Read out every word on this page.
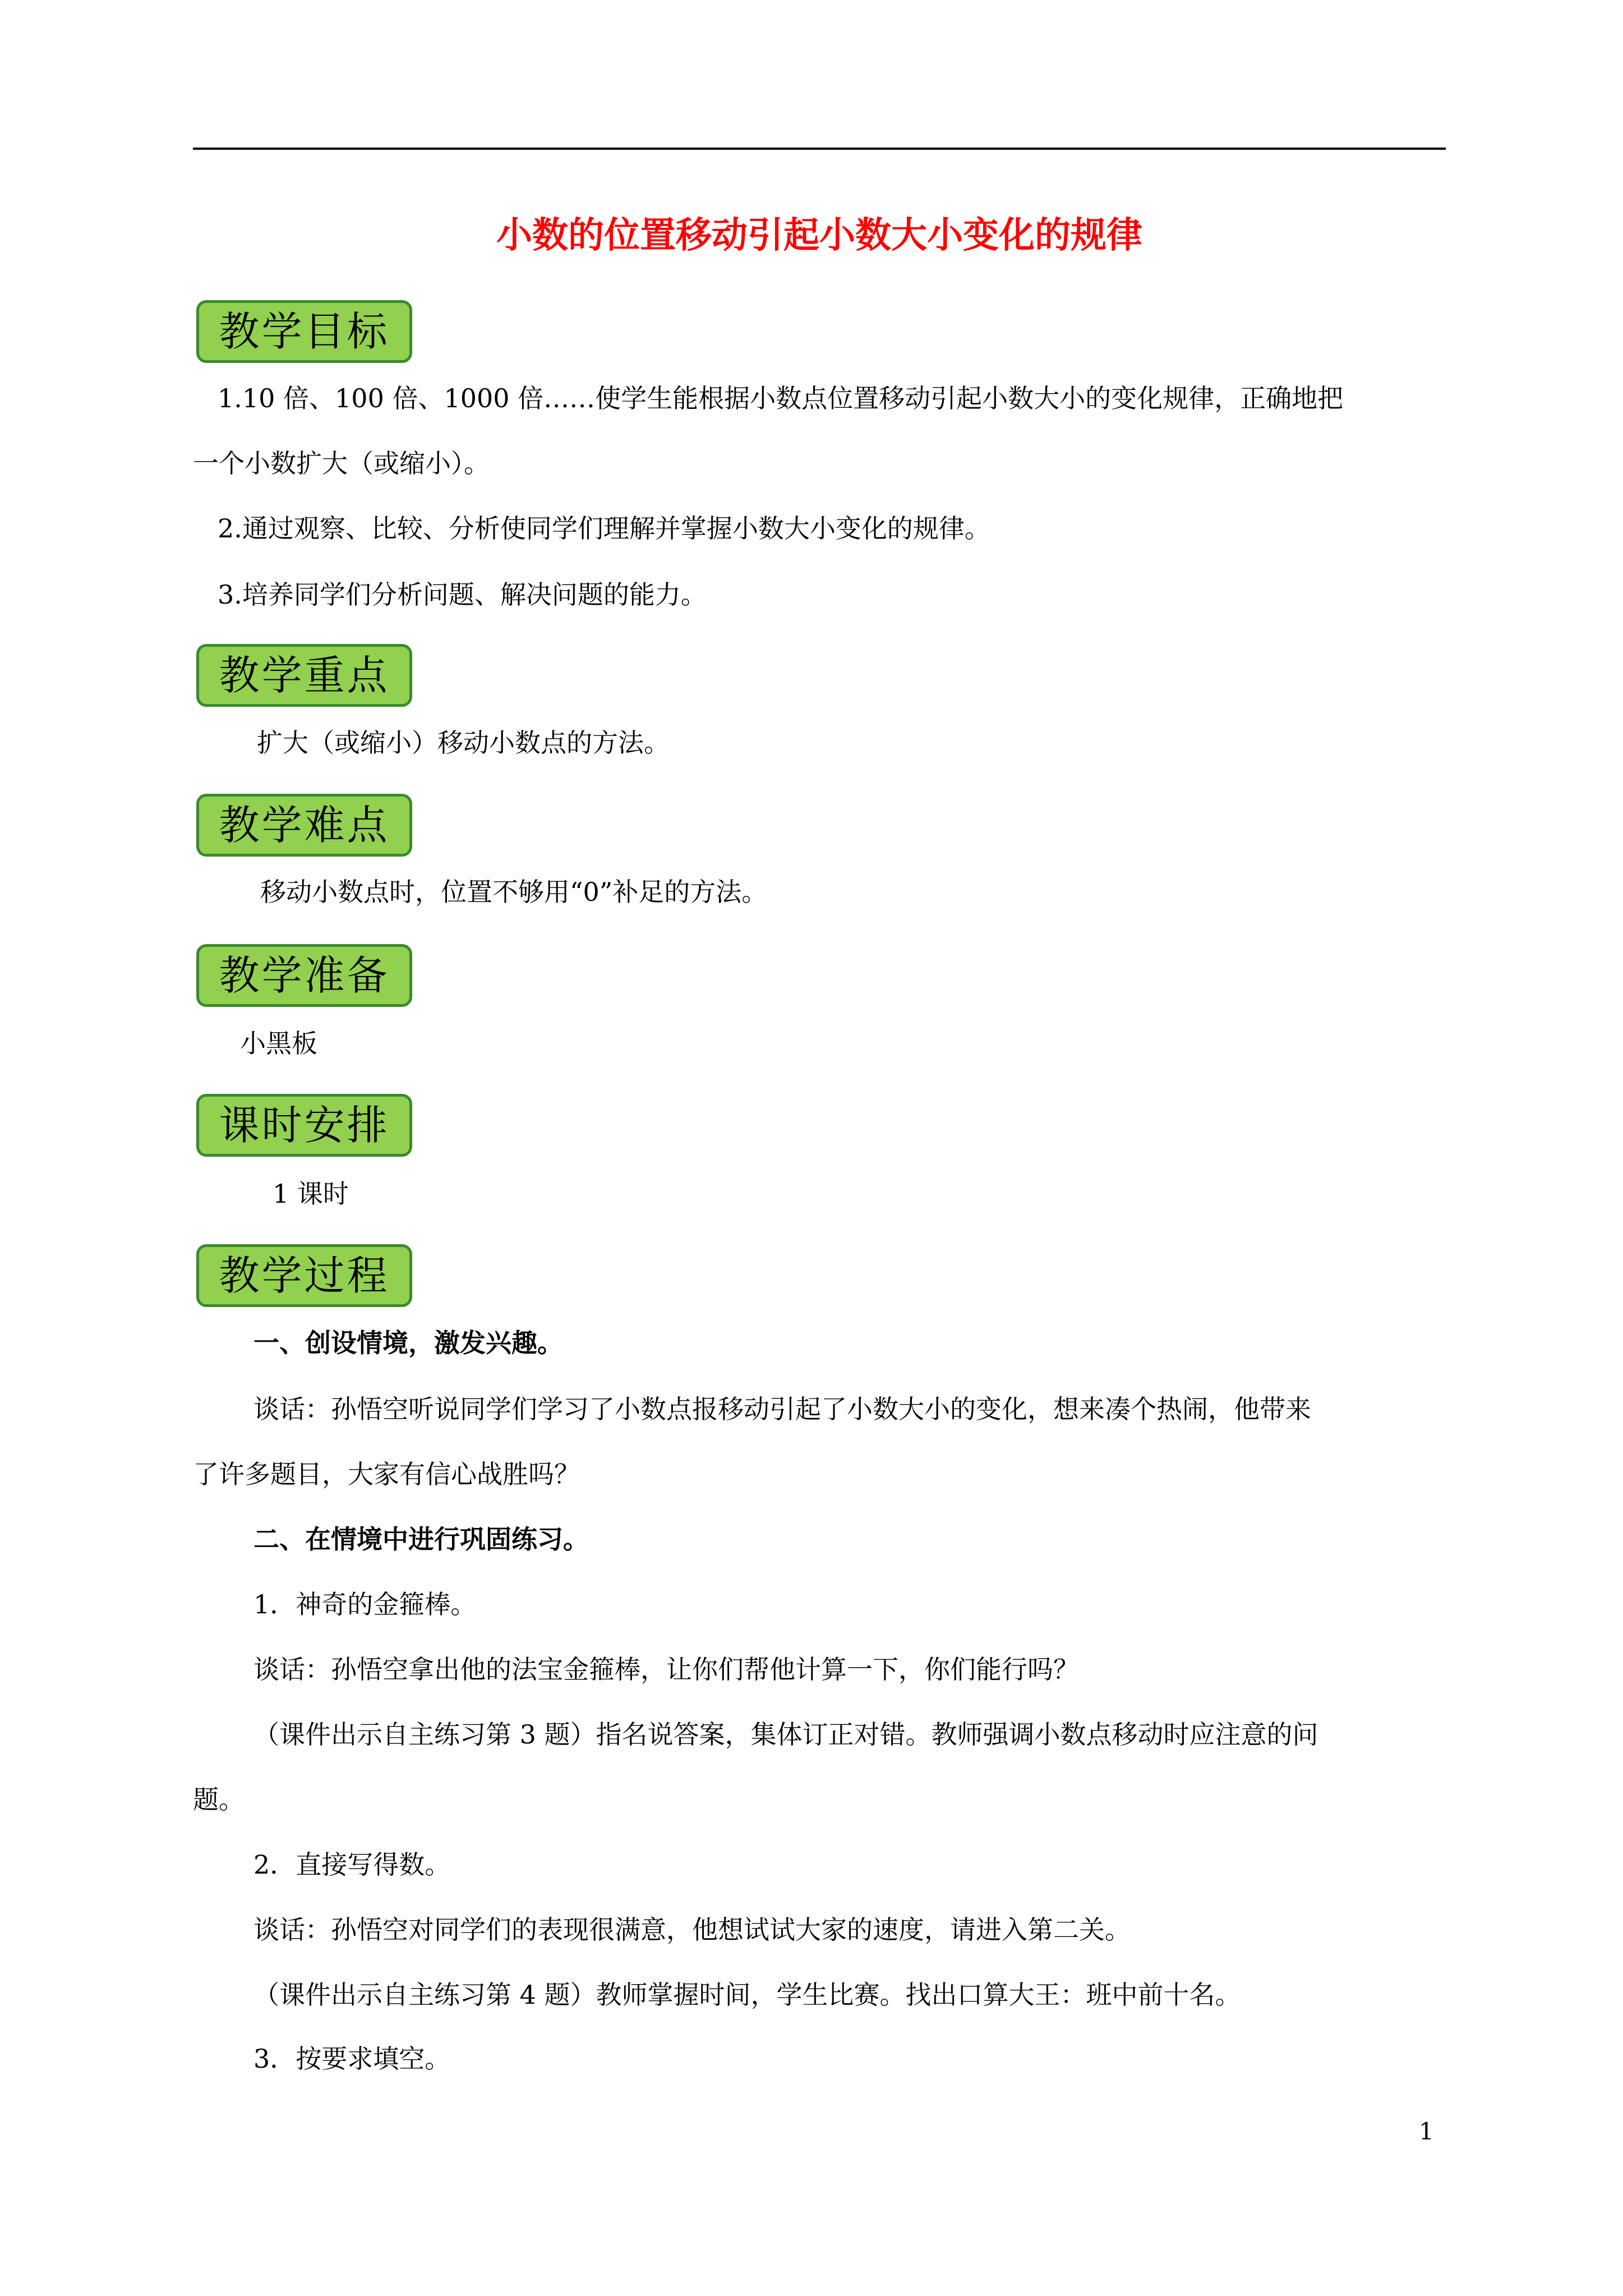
小数的位置移动引起小数大小变化的规律
教学目标

1.10 倍、100 倍、1000 倍……使学生能根据小数点位置移动引起小数大小的变化规律，正确地把

一个小数扩大（或缩小）。

2.通过观察、比较、分析使同学们理解并掌握小数大小变化的规律。

3.培养同学们分析问题、解决问题的能力。

教学重点

扩大（或缩小）移动小数点的方法。

教学难点

移动小数点时，位置不够用“0”补足的方法。

教学准备

小黑板

课时安排

1 课时

教学过程

一、创设情境，激发兴趣。

谈话：孙悟空听说同学们学习了小数点报移动引起了小数大小的变化，想来凑个热闹，他带来

了许多题目，大家有信心战胜吗？

二、在情境中进行巩固练习。

1．神奇的金箍棒。

谈话：孙悟空拿出他的法宝金箍棒，让你们帮他计算一下，你们能行吗？

（课件出示自主练习第 3 题）指名说答案，集体订正对错。教师强调小数点移动时应注意的问

题。

2．直接写得数。

谈话：孙悟空对同学们的表现很满意，他想试试大家的速度，请进入第二关。

（课件出示自主练习第 4 题）教师掌握时间，学生比赛。找出口算大王：班中前十名。

3．按要求填空。

1
